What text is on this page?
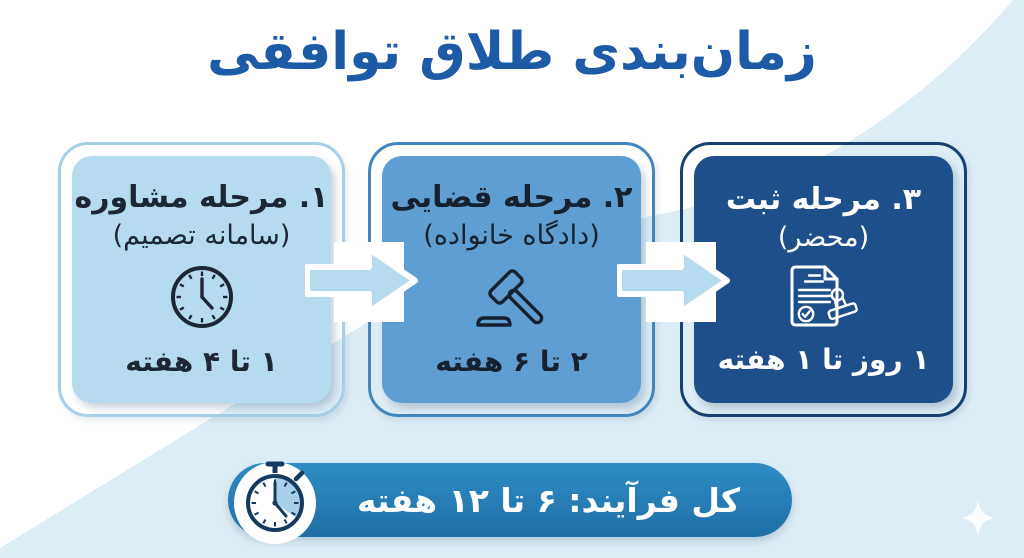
زمان‌بندی طلاق توافقی
۱. مرحله مشاوره
(سامانه تصمیم)
۱ تا ۴ هفته
۲. مرحله قضایی
(دادگاه خانواده)
۲ تا ۶ هفته
۳. مرحله ثبت
(محضر)
۱ روز تا ۱ هفته
کل فرآیند: ۶ تا ۱۲ هفته
